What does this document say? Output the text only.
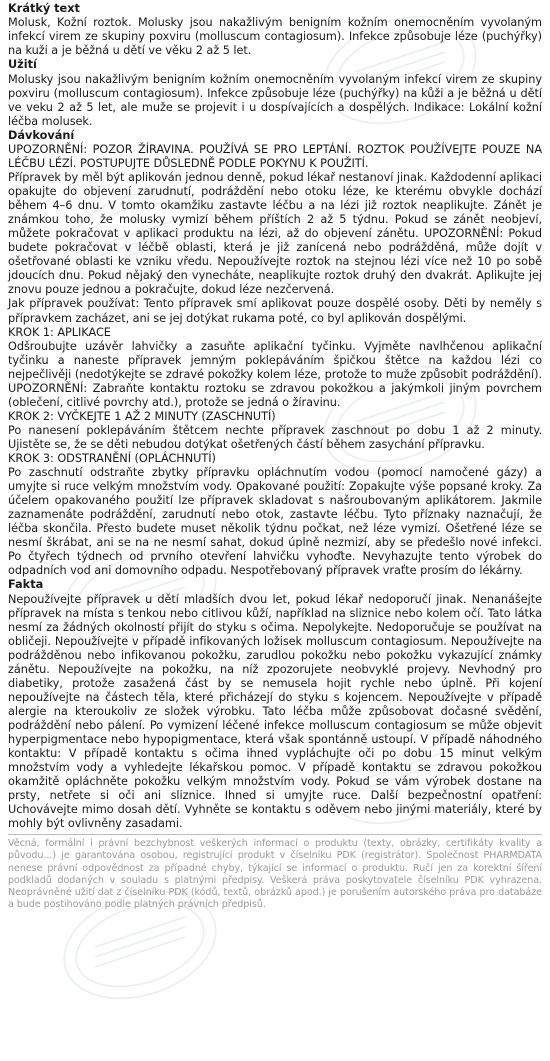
Krátký text

Molusk, Kožní roztok. Molusky jsou nakažlivým benigním kožním onemocněním vyvolaným infekcí virem ze skupiny poxviru (molluscum contagiosum). Infekce způsobuje léze (puchýřky) na kuži a je běžná u dětí ve věku 2 až 5 let.

Užití

Molusky jsou nakažlivým benigním kožním onemocněním vyvolaným infekcí virem ze skupiny poxviru (molluscum contagiosum). Infekce způsobuje léze (puchýřky) na kůži a je běžná u dětí ve veku 2 až 5 let, ale muže se projevit i u dospívajících a dospělých. Indikace: Lokální kožní léčba molusek.

Dávkování

UPOZORNĚNÍ: POZOR ŽÍRAVINA. POUŽÍVÁ SE PRO LEPTÁNÍ. ROZTOK POUŽÍVEJTE POUZE NA LÉČBU LÉZÍ. POSTUPUJTE DŮSLEDNĚ PODLE POKYNU K POUŽITÍ.

Přípravek by měl být aplikován jednou denně, pokud lékař nestanoví jinak. Každodenní aplikaci opakujte do objevení zarudnutí, podráždění nebo otoku léze, ke kterému obvykle dochází během 4–6 dnu. V tomto okamžiku zastavte léčbu a na lézi již roztok neaplikujte. Zánět je známkou toho, že molusky vymizí během příštích 2 až 5 týdnu. Pokud se zánět neobjeví, můžete pokračovat v aplikaci produktu na lézi, až do objevení zánětu. UPOZORNĚNÍ: Pokud budete pokračovat v léčbě oblasti, která je již zanícená nebo podrážděná, může dojít v ošetřované oblasti ke vzniku vředu. Nepoužívejte roztok na stejnou lézi více než 10 po sobě jdoucích dnu. Pokud nějaký den vynecháte, neaplikujte roztok druhý den dvakrát. Aplikujte jej znovu pouze jednou a pokračujte, dokud léze nezčervená.

Jak přípravek používat: Tento přípravek smí aplikovat pouze dospělé osoby. Děti by neměly s přípravkem zacházet, ani se jej dotýkat rukama poté, co byl aplikován dospělými.

KROK 1: APLIKACE

Odšroubujte uzávěr lahvičky a zasuňte aplikační tyčinku. Vyjměte navlhčenou aplikační tyčinku a naneste přípravek jemným poklepáváním špičkou štětce na každou lézi co nejpečlivěji (nedotýkejte se zdravé pokožky kolem léze, protože to muže způsobit podráždění). UPOZORNĚNÍ: Zabraňte kontaktu roztoku se zdravou pokožkou a jakýmkoli jiným povrchem (oblečení, citlivé povrchy atd.), protože se jedná o žíravinu.

KROK 2: VYČKEJTE 1 AŽ 2 MINUTY (ZASCHNUTÍ)

Po nanesení poklepáváním štětcem nechte přípravek zaschnout po dobu 1 až 2 minuty. Ujistěte se, že se děti nebudou dotýkat ošetřených částí během zasychání přípravku.

KROK 3: ODSTRANĚNÍ (OPLÁCHNUTÍ)

Po zaschnutí odstraňte zbytky přípravku opláchnutím vodou (pomocí namočené gázy) a umyjte si ruce velkým množstvím vody. Opakované použití: Zopakujte výše popsané kroky. Za účelem opakovaného použití lze přípravek skladovat s našroubovaným aplikátorem. Jakmile zaznamenáte podráždění, zarudnutí nebo otok, zastavte léčbu. Tyto příznaky naznačují, že léčba skončila. Přesto budete muset několik týdnu počkat, než léze vymizí. Ošetřené léze se nesmí škrábat, ani se na ne nesmí sahat, dokud úplně nezmizí, aby se předešlo nové infekci. Po čtyřech týdnech od prvního otevření lahvičku vyhoďte. Nevyhazujte tento výrobek do odpadních vod ani domovního odpadu. Nespotřebovaný přípravek vraťte prosím do lékárny.

Fakta

Nepoužívejte přípravek u dětí mladších dvou let, pokud lékař nedoporučí jinak. Nenanášejte přípravek na místa s tenkou nebo citlivou kůží, například na sliznice nebo kolem očí. Tato látka nesmí za žádných okolností přijít do styku s očima. Nepolykejte. Nedoporučuje se používat na obličeji. Nepoužívejte v případě infikovaných ložisek molluscum contagiosum. Nepoužívejte na podrážděnou nebo infikovanou pokožku, zarudlou pokožku nebo pokožku vykazující známky zánětu. Nepoužívejte na pokožku, na níž zpozorujete neobvyklé projevy. Nevhodný pro diabetiky, protože zasažená část by se nemusela hojit rychle nebo úplně. Při kojení nepoužívejte na částech těla, které přicházejí do styku s kojencem. Nepoužívejte v případě alergie na kteroukoliv ze složek výrobku. Tato léčba může způsobovat dočasné svědění, podráždění nebo pálení. Po vymizení léčené infekce molluscum contagiosum se může objevit hyperpigmentace nebo hypopigmentace, která však spontánně ustoupí. V případě náhodného kontaktu: V případě kontaktu s očima ihned vypláchujte oči po dobu 15 minut velkým množstvím vody a vyhledejte lékařskou pomoc. V případě kontaktu se zdravou pokožkou okamžitě opláchněte pokožku velkým množstvím vody. Pokud se vám výrobek dostane na prsty, netřete si oči ani sliznice. Ihned si umyjte ruce. Další bezpečnostní opatření: Uchovávejte mimo dosah dětí. Vyhněte se kontaktu s oděvem nebo jinými materiály, které by mohly být ovlivněny zasadami.

Věcná, formální i právní bezchybnost veškerých informací o produktu (texty, obrázky, certifikáty kvality a původu...) je garantována osobou, registrující produkt v číselníku PDK (registrátor). Společnost PHARMDATA nenese právní odpovědnost za případné chyby, týkající se informací o produktu. Ručí jen za korektní šíření podkladů dodaných v souladu s platnými předpisy. Veškerá práva poskytovatele číselníku PDK vyhrazena. Neoprávněné užití dat z číselníku PDK (kódů, textů, obrázků apod.) je porušením autorského práva pro databáze a bude postihováno podle platných právních předpisů.
